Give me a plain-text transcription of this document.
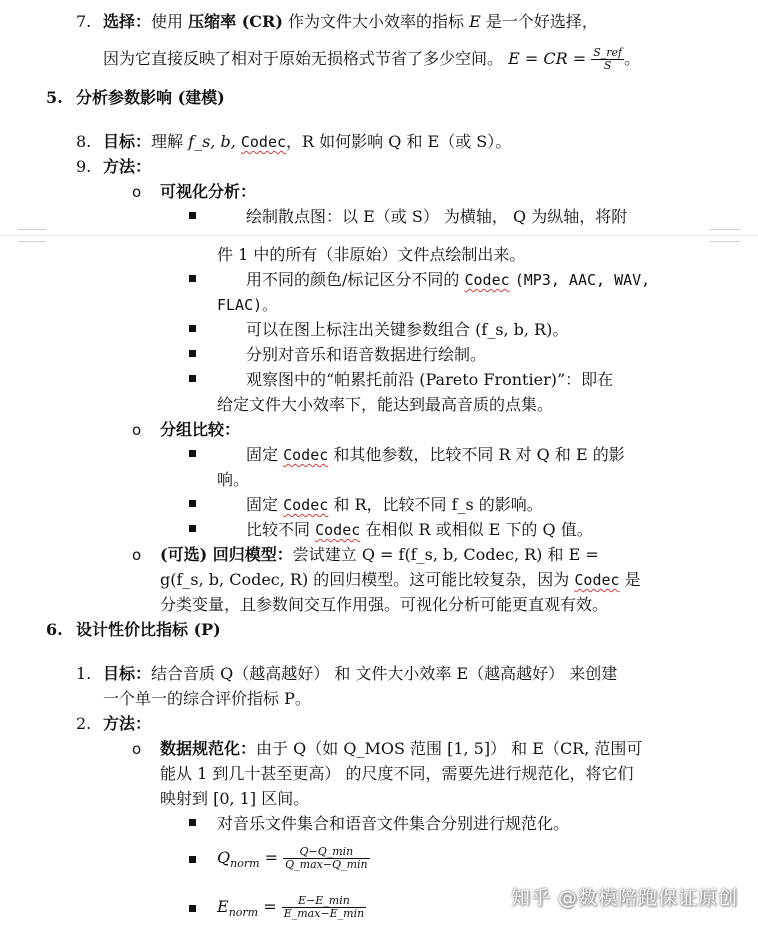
7. 选择：使用 压缩率 (CR) 作为文件大小效率的指标 E 是一个好选择，
因为它直接反映了相对于原始无损格式节省了多少空间。 E = CR = $\frac{\text{S\_ref}}{S}$ 。
5. 分析参数影响 (建模)
8. 目标：理解 f_s, b, Codec，R 如何影响 Q 和 E（或 S）。
9. 方法：
o 可视化分析：
绘制散点图：以 E（或 S） 为横轴， Q 为纵轴，将附
件 1 中的所有（非原始）文件点绘制出来。
用不同的颜色/标记区分不同的 Codec (MP3, AAC, WAV,
FLAC)。
可以在图上标注出关键参数组合 (f_s, b, R)。
分别对音乐和语音数据进行绘制。
观察图中的“帕累托前沿 (Pareto Frontier)”：即在
给定文件大小效率下，能达到最高音质的点集。
o 分组比较：
固定 Codec 和其他参数，比较不同 R 对 Q 和 E 的影
响。
固定 Codec 和 R，比较不同 f_s 的影响。
比较不同 Codec 在相似 R 或相似 E 下的 Q 值。
o (可选) 回归模型：尝试建立 Q = f(f_s, b, Codec, R) 和 E =
g(f_s, b, Codec, R) 的回归模型。这可能比较复杂，因为 Codec 是
分类变量，且参数间交互作用强。可视化分析可能更直观有效。
6. 设计性价比指标 (P)
1. 目标：结合音质 Q（越高越好） 和 文件大小效率 E（越高越好） 来创建
一个单一的综合评价指标 P。
2. 方法：
o 数据规范化：由于 Q（如 Q_MOS 范围 [1, 5]） 和 E（CR, 范围可
能从 1 到几十甚至更高） 的尺度不同，需要先进行规范化，将它们
映射到 [0, 1] 区间。
对音乐文件集合和语音文件集合分别进行规范化。
$Q_{norm} = \frac{Q-Q\_\min}{Q\_\max-Q\_\min}$
$E_{norm} = \frac{E-E\_\min}{E\_\max-E\_\min}$	知乎 @数模陪跑保证原创
